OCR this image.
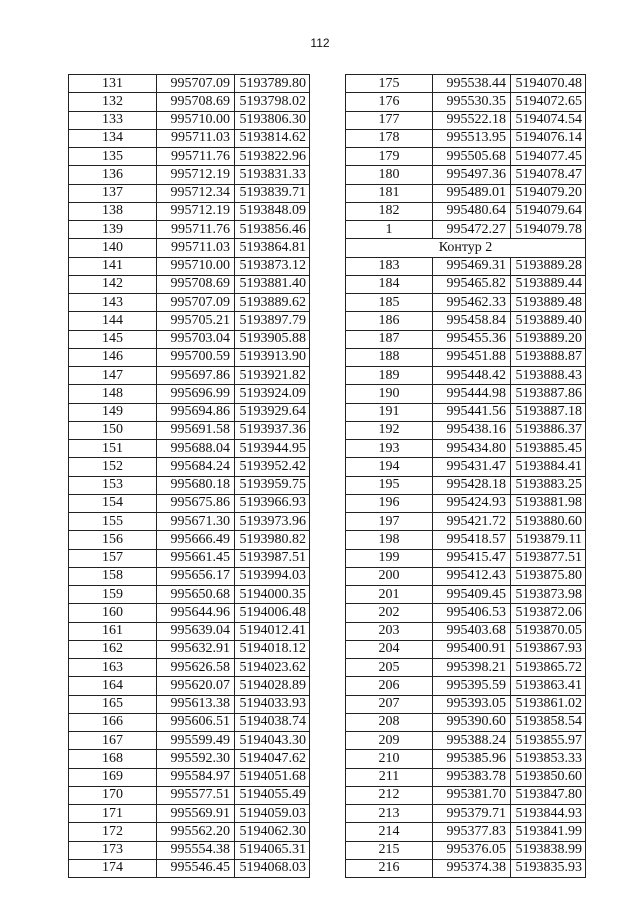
112
131	995707.09	5193789.80
132	995708.69	5193798.02
133	995710.00	5193806.30
134	995711.03	5193814.62
135	995711.76	5193822.96
136	995712.19	5193831.33
137	995712.34	5193839.71
138	995712.19	5193848.09
139	995711.76	5193856.46
140	995711.03	5193864.81
141	995710.00	5193873.12
142	995708.69	5193881.40
143	995707.09	5193889.62
144	995705.21	5193897.79
145	995703.04	5193905.88
146	995700.59	5193913.90
147	995697.86	5193921.82
148	995696.99	5193924.09
149	995694.86	5193929.64
150	995691.58	5193937.36
151	995688.04	5193944.95
152	995684.24	5193952.42
153	995680.18	5193959.75
154	995675.86	5193966.93
155	995671.30	5193973.96
156	995666.49	5193980.82
157	995661.45	5193987.51
158	995656.17	5193994.03
159	995650.68	5194000.35
160	995644.96	5194006.48
161	995639.04	5194012.41
162	995632.91	5194018.12
163	995626.58	5194023.62
164	995620.07	5194028.89
165	995613.38	5194033.93
166	995606.51	5194038.74
167	995599.49	5194043.30
168	995592.30	5194047.62
169	995584.97	5194051.68
170	995577.51	5194055.49
171	995569.91	5194059.03
172	995562.20	5194062.30
173	995554.38	5194065.31
174	995546.45	5194068.03
175	995538.44	5194070.48
176	995530.35	5194072.65
177	995522.18	5194074.54
178	995513.95	5194076.14
179	995505.68	5194077.45
180	995497.36	5194078.47
181	995489.01	5194079.20
182	995480.64	5194079.64
1	995472.27	5194079.78
Контур 2		
183	995469.31	5193889.28
184	995465.82	5193889.44
185	995462.33	5193889.48
186	995458.84	5193889.40
187	995455.36	5193889.20
188	995451.88	5193888.87
189	995448.42	5193888.43
190	995444.98	5193887.86
191	995441.56	5193887.18
192	995438.16	5193886.37
193	995434.80	5193885.45
194	995431.47	5193884.41
195	995428.18	5193883.25
196	995424.93	5193881.98
197	995421.72	5193880.60
198	995418.57	5193879.11
199	995415.47	5193877.51
200	995412.43	5193875.80
201	995409.45	5193873.98
202	995406.53	5193872.06
203	995403.68	5193870.05
204	995400.91	5193867.93
205	995398.21	5193865.72
206	995395.59	5193863.41
207	995393.05	5193861.02
208	995390.60	5193858.54
209	995388.24	5193855.97
210	995385.96	5193853.33
211	995383.78	5193850.60
212	995381.70	5193847.80
213	995379.71	5193844.93
214	995377.83	5193841.99
215	995376.05	5193838.99
216	995374.38	5193835.93
